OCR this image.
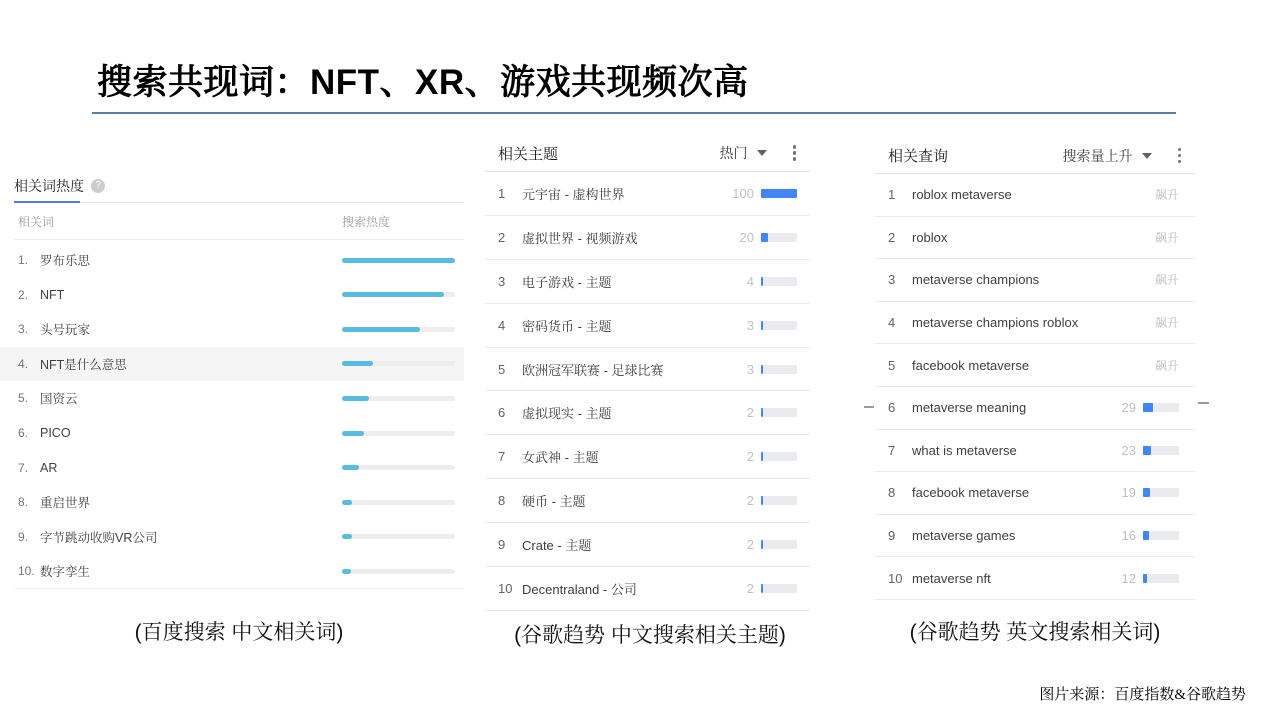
搜索共现词：NFT、XR、游戏共现频次高
相关词热度	?
相关词	搜索热度
1. 罗布乐思
2. NFT
3. 头号玩家
4. NFT是什么意思
5. 国资云
6. PICO
7. AR
8. 重启世界
9. 字节跳动收购VR公司
10. 数字孪生
相关主题	热门
1	元宇宙 - 虚构世界	100
2	虚拟世界 - 视频游戏	20
3	电子游戏 - 主题	4
4	密码货币 - 主题	3
5	欧洲冠军联赛 - 足球比赛	3
6	虚拟现实 - 主题	2
7	女武神 - 主题	2
8	硬币 - 主题	2
9	Crate - 主题	2
10 Decentraland - 公司	2
相关查询	搜索量上升
1	roblox metaverse	飙升
2	roblox	飙升
3	metaverse champions	飙升
4	metaverse champions roblox	飙升
5	facebook metaverse	飙升
6	metaverse meaning	29
7	what is metaverse	23
8	facebook metaverse	19
9	metaverse games	16
10 metaverse nft	12
(百度搜索 中文相关词)	(谷歌趋势 中文搜索相关主题)	(谷歌趋势 英文搜索相关词)
图片来源：百度指数&谷歌趋势
